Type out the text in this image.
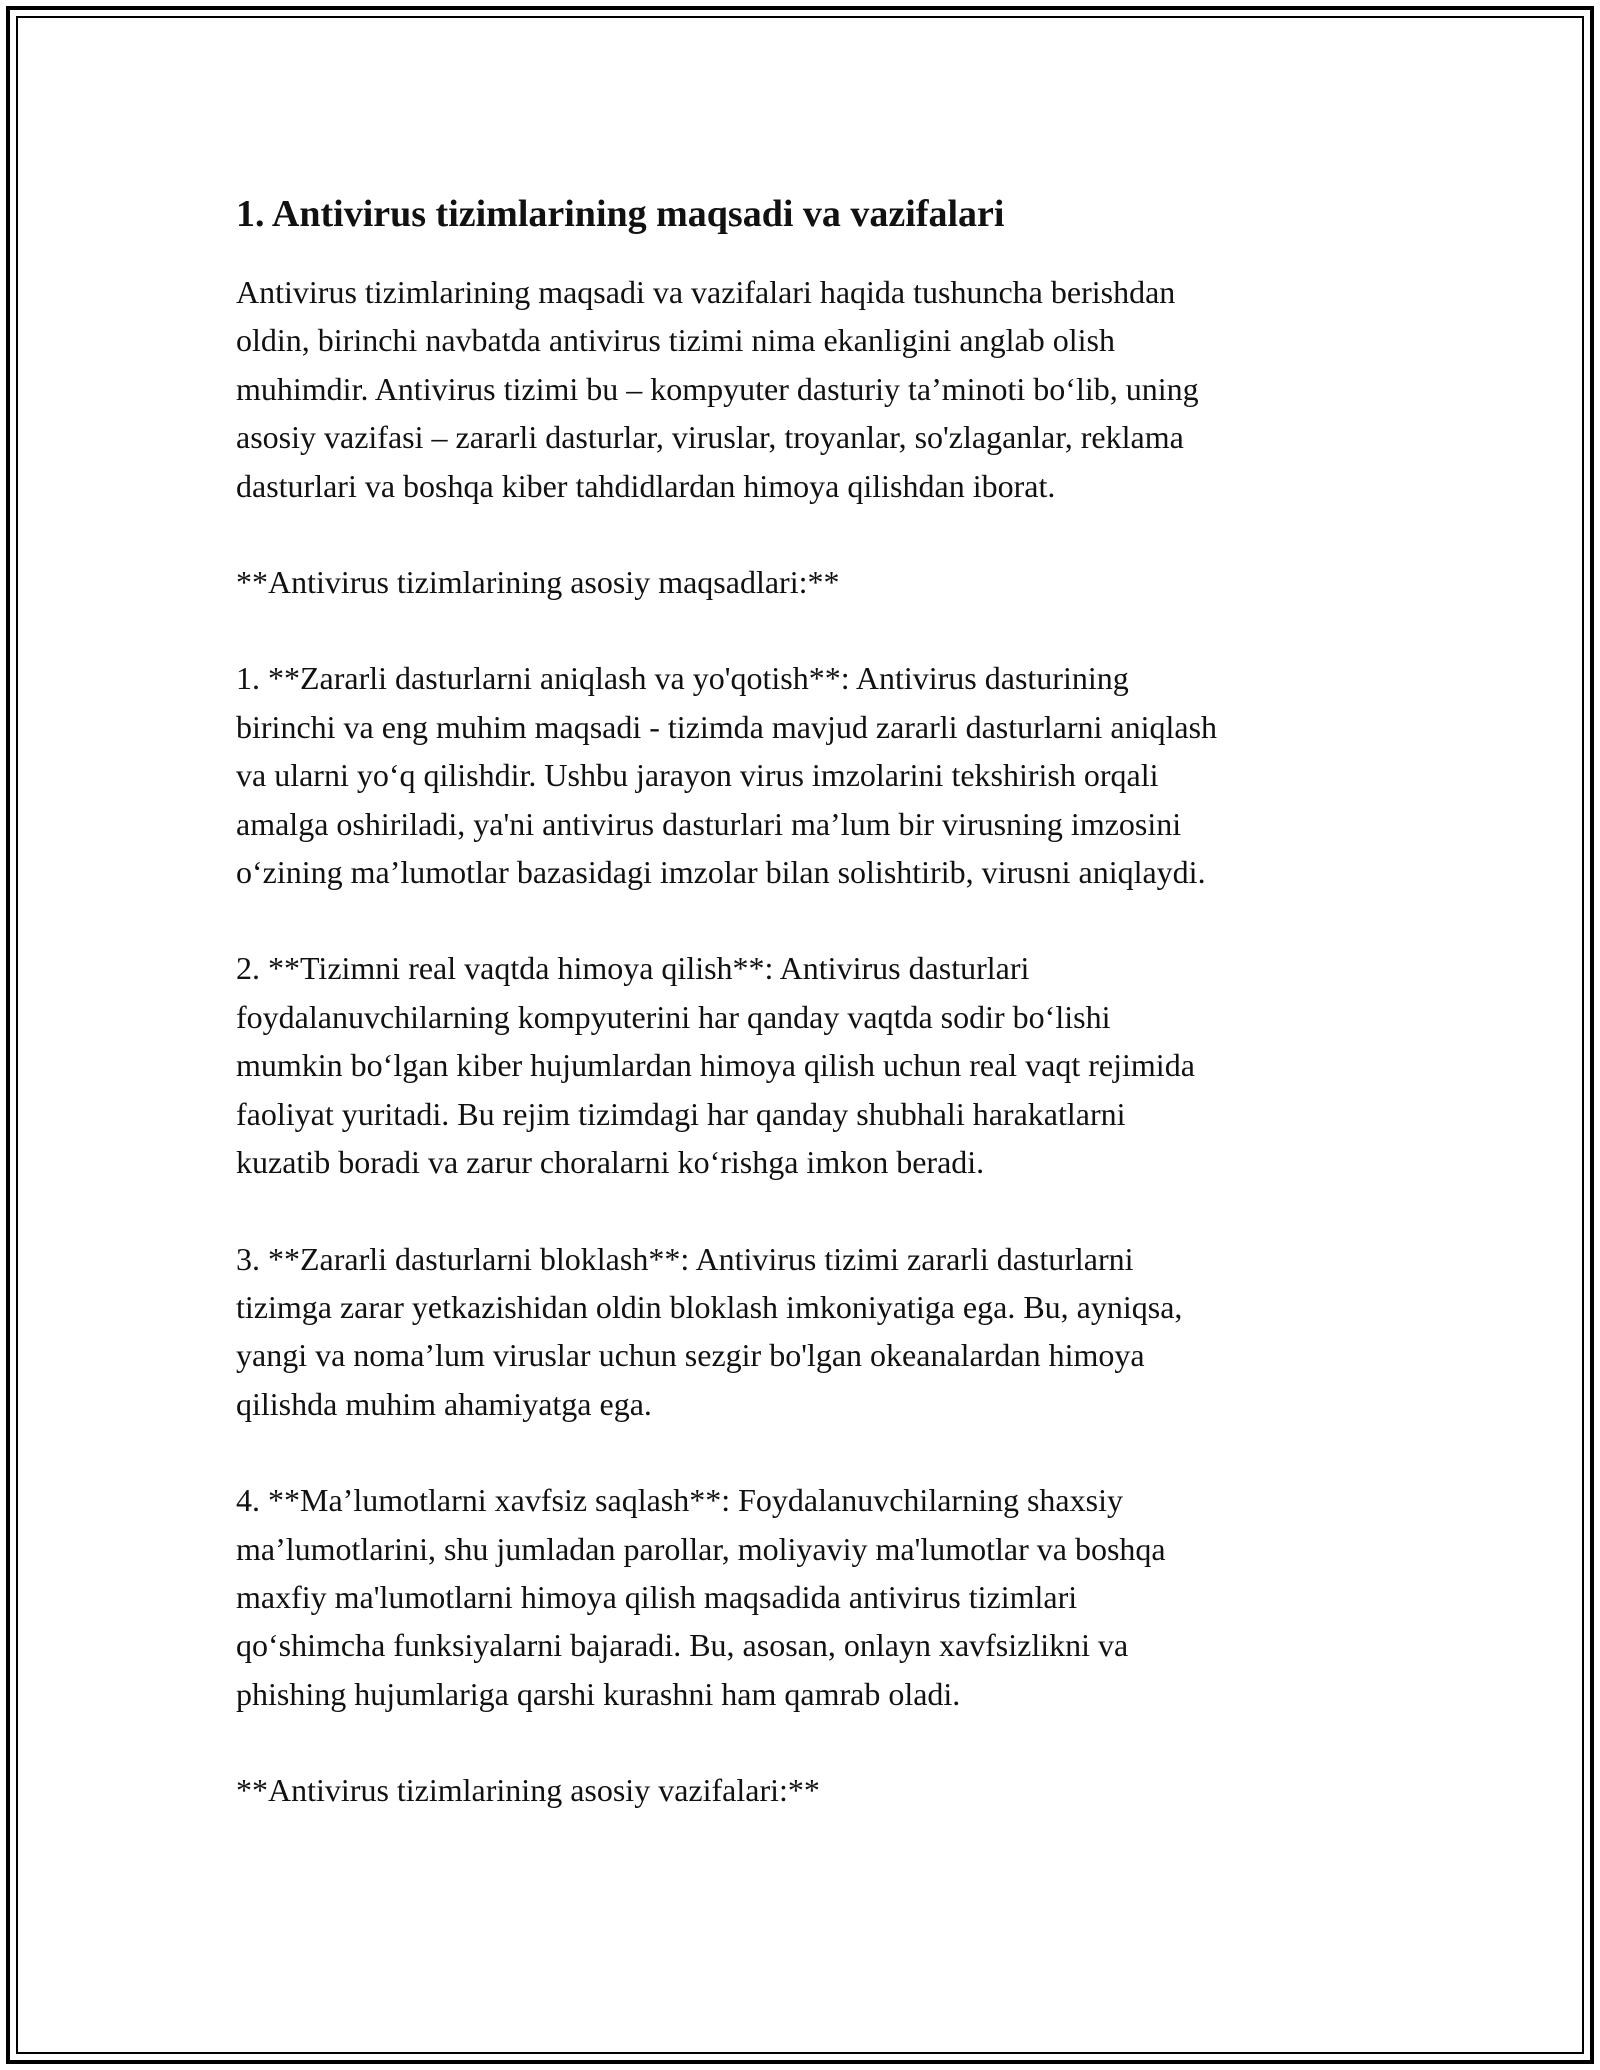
1. Antivirus tizimlarining maqsadi va vazifalari

Antivirus tizimlarining maqsadi va vazifalari haqida tushuncha berishdan
oldin, birinchi navbatda antivirus tizimi nima ekanligini anglab olish
muhimdir. Antivirus tizimi bu – kompyuter dasturiy ta’minoti bo‘lib, uning
asosiy vazifasi – zararli dasturlar, viruslar, troyanlar, so'zlaganlar, reklama
dasturlari va boshqa kiber tahdidlardan himoya qilishdan iborat.

**Antivirus tizimlarining asosiy maqsadlari:**

1. **Zararli dasturlarni aniqlash va yo'qotish**: Antivirus dasturining
birinchi va eng muhim maqsadi - tizimda mavjud zararli dasturlarni aniqlash
va ularni yo‘q qilishdir. Ushbu jarayon virus imzolarini tekshirish orqali
amalga oshiriladi, ya'ni antivirus dasturlari ma’lum bir virusning imzosini
o‘zining ma’lumotlar bazasidagi imzolar bilan solishtirib, virusni aniqlaydi.

2. **Tizimni real vaqtda himoya qilish**: Antivirus dasturlari
foydalanuvchilarning kompyuterini har qanday vaqtda sodir bo‘lishi
mumkin bo‘lgan kiber hujumlardan himoya qilish uchun real vaqt rejimida
faoliyat yuritadi. Bu rejim tizimdagi har qanday shubhali harakatlarni
kuzatib boradi va zarur choralarni ko‘rishga imkon beradi.

3. **Zararli dasturlarni bloklash**: Antivirus tizimi zararli dasturlarni
tizimga zarar yetkazishidan oldin bloklash imkoniyatiga ega. Bu, ayniqsa,
yangi va noma’lum viruslar uchun sezgir bo'lgan okeanalardan himoya
qilishda muhim ahamiyatga ega.

4. **Ma’lumotlarni xavfsiz saqlash**: Foydalanuvchilarning shaxsiy
ma’lumotlarini, shu jumladan parollar, moliyaviy ma'lumotlar va boshqa
maxfiy ma'lumotlarni himoya qilish maqsadida antivirus tizimlari
qo‘shimcha funksiyalarni bajaradi. Bu, asosan, onlayn xavfsizlikni va
phishing hujumlariga qarshi kurashni ham qamrab oladi.

**Antivirus tizimlarining asosiy vazifalari:**
